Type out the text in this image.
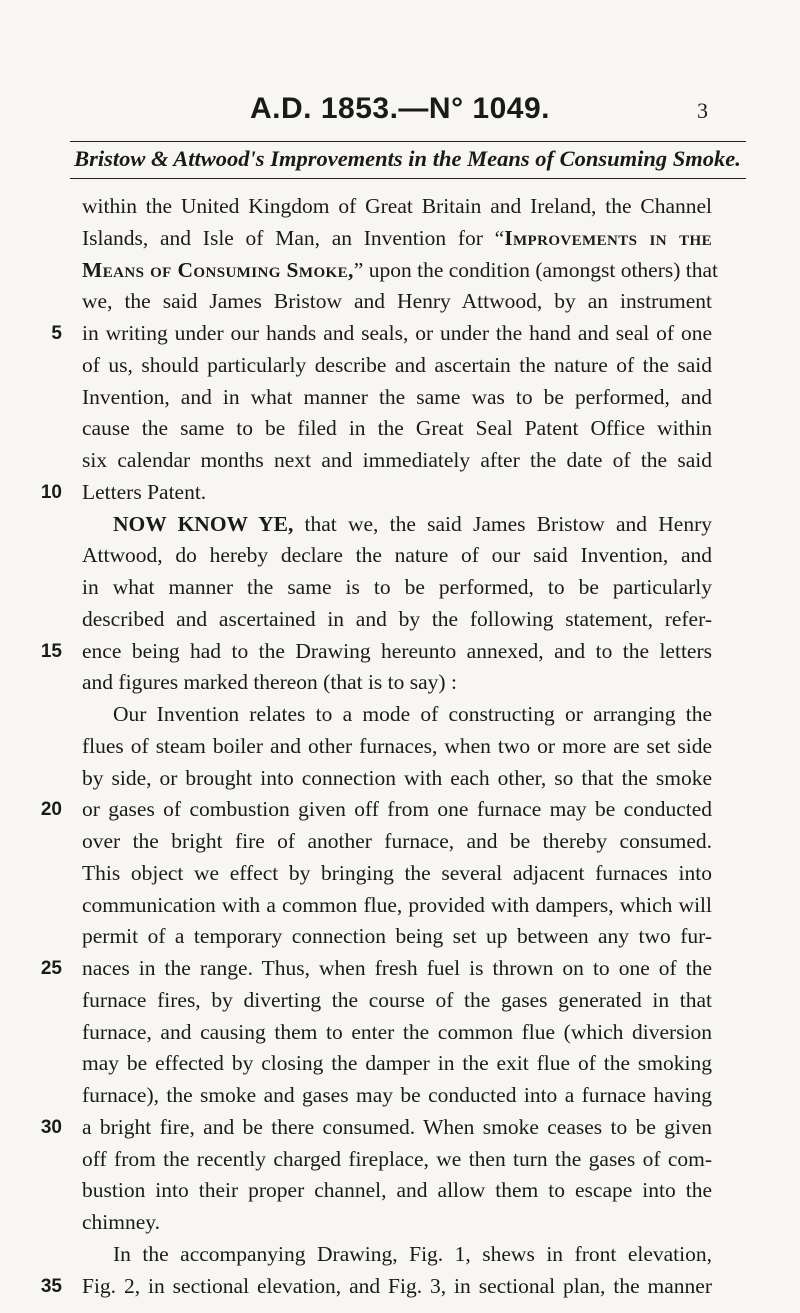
A.D. 1853.—N° 1049.	3
Bristow & Attwood's Improvements in the Means of Consuming Smoke.
within the United Kingdom of Great Britain and Ireland, the Channel
Islands, and Isle of Man, an Invention for “Improvements in the
Means of Consuming Smoke,” upon the condition (amongst others) that
we, the said James Bristow and Henry Attwood, by an instrument
5 in writing under our hands and seals, or under the hand and seal of one
of us, should particularly describe and ascertain the nature of the said
Invention, and in what manner the same was to be performed, and
cause the same to be filed in the Great Seal Patent Office within
six calendar months next and immediately after the date of the said
10 Letters Patent.
NOW KNOW YE, that we, the said James Bristow and Henry
Attwood, do hereby declare the nature of our said Invention, and
in what manner the same is to be performed, to be particularly
described and ascertained in and by the following statement, refer-
15 ence being had to the Drawing hereunto annexed, and to the letters
and figures marked thereon (that is to say) :
Our Invention relates to a mode of constructing or arranging the
flues of steam boiler and other furnaces, when two or more are set side
by side, or brought into connection with each other, so that the smoke
20 or gases of combustion given off from one furnace may be conducted
over the bright fire of another furnace, and be thereby consumed.
This object we effect by bringing the several adjacent furnaces into
communication with a common flue, provided with dampers, which will
permit of a temporary connection being set up between any two fur-
25 naces in the range. Thus, when fresh fuel is thrown on to one of the
furnace fires, by diverting the course of the gases generated in that
furnace, and causing them to enter the common flue (which diversion
may be effected by closing the damper in the exit flue of the smoking
furnace), the smoke and gases may be conducted into a furnace having
30 a bright fire, and be there consumed. When smoke ceases to be given
off from the recently charged fireplace, we then turn the gases of com-
bustion into their proper channel, and allow them to escape into the
chimney.
In the accompanying Drawing, Fig. 1, shews in front elevation,
35 Fig. 2, in sectional elevation, and Fig. 3, in sectional plan, the manner
